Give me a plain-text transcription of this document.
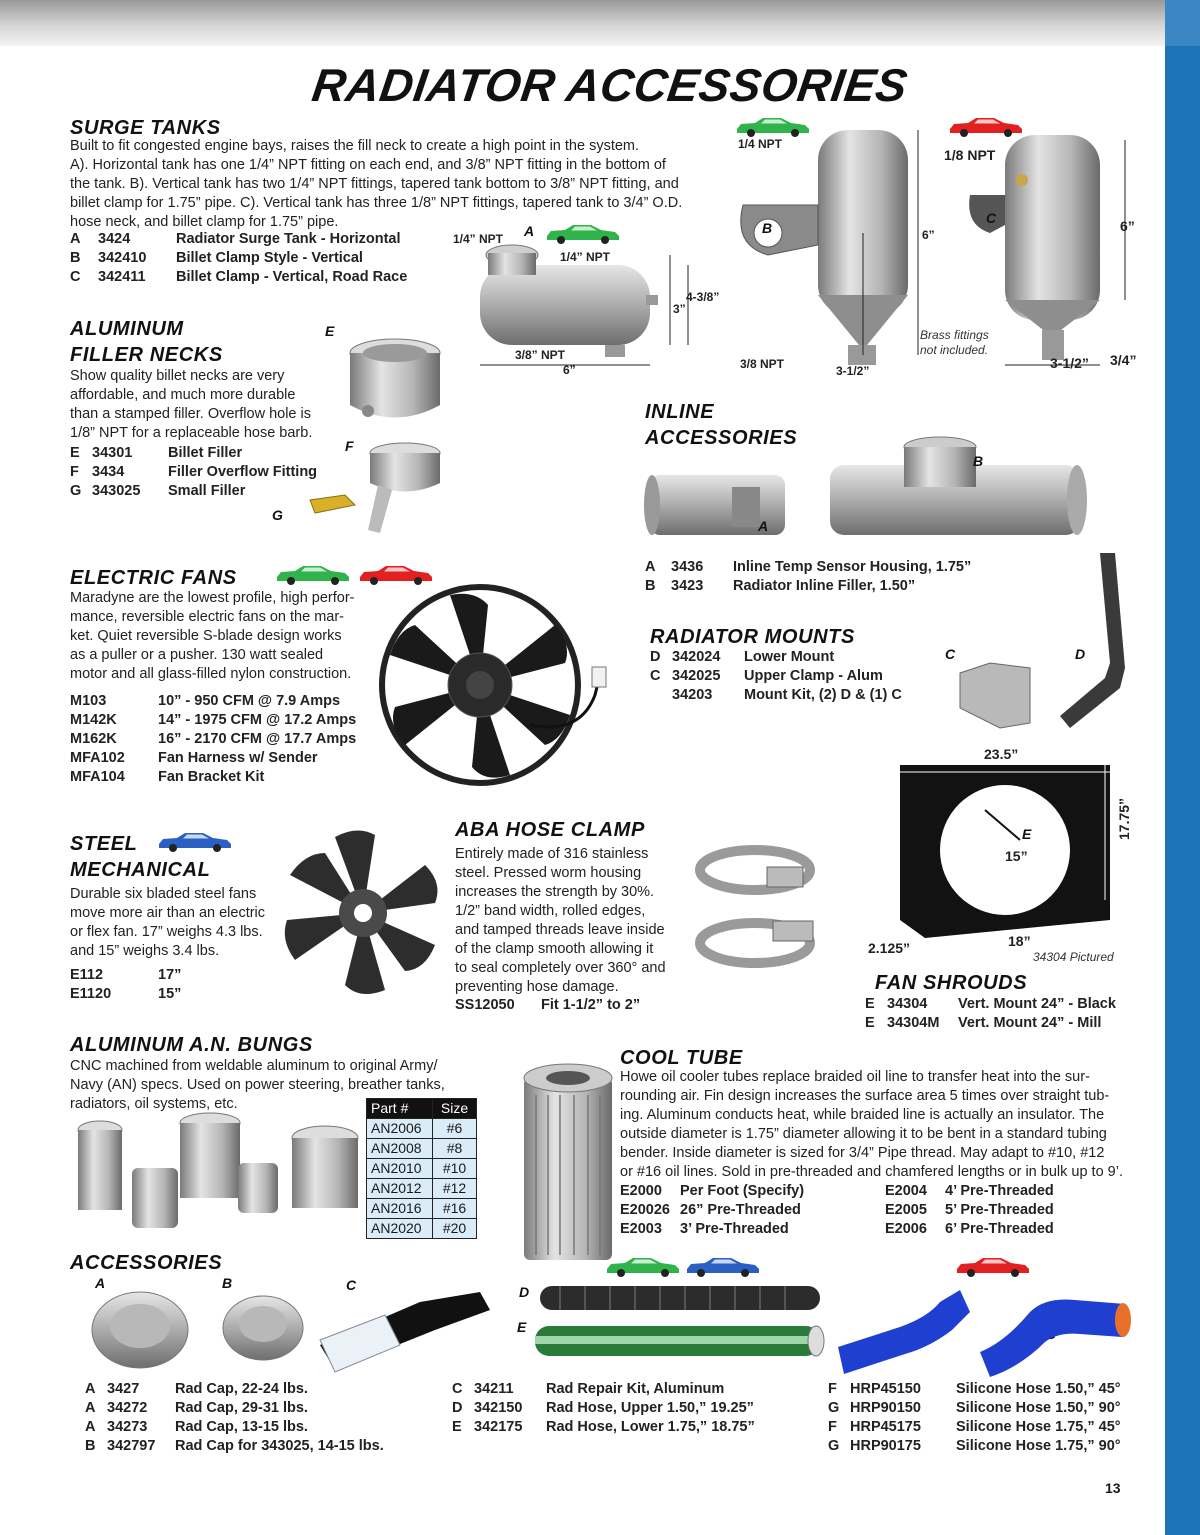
RADIATOR ACCESSORIES
SURGE TANKS
Built to fit congested engine bays, raises the fill neck to create a high point in the system.
A). Horizontal tank has one 1/4” NPT fitting on each end, and 3/8” NPT fitting in the bottom of
the tank. B). Vertical tank has two 1/4” NPT fittings, tapered tank bottom to 3/8” NPT fitting, and
billet clamp for 1.75” pipe. C). Vertical tank has three 1/8” NPT fittings, tapered tank to 3/4” O.D.
hose neck, and billet clamp for 1.75” pipe.
A 3424	Radiator Surge Tank - Horizontal
B 342410 Billet Clamp Style - Vertical
C 342411 Billet Clamp - Vertical, Road Race
1/4” NPT
1/4” NPT
3/8” NPT
6”
3”
4-3/8”
A
1/4 NPT
3/8 NPT
6”
3-1/2”
B
1/8 NPT
6”
3-1/2” 3/4”
C
Brass fittings
not included.
ALUMINUM
FILLER NECKS
Show quality billet necks are very
affordable, and much more durable
than a stamped filler. Overflow hole is
1/8” NPT for a replaceable hose barb.
E 34301 Billet Filler
F 3434	Filler Overflow Fitting
G 343025 Small Filler
E
F
G
INLINE
ACCESSORIES
A
B
A 3436 Inline Temp Sensor Housing, 1.75”
B 3423 Radiator Inline Filler, 1.50”
ELECTRIC FANS
Maradyne are the lowest profile, high perfor-
mance, reversible electric fans on the mar-
ket. Quiet reversible S-blade design works
as a puller or a pusher. 130 watt sealed
motor and all glass-filled nylon construction.
M103	10” - 950 CFM @ 7.9 Amps
M142K	14” - 1975 CFM @ 17.2 Amps
M162K	16” - 2170 CFM @ 17.7 Amps
MFA102 Fan Harness w/ Sender
MFA104 Fan Bracket Kit
RADIATOR MOUNTS
D 342024 Lower Mount
C 342025 Upper Clamp - Alum
34203 Mount Kit, (2) D & (1) C
C	D
23.5”
17.75”
18”
2.125”
15”
E
34304 Pictured
FAN SHROUDS
E 34304 Vert. Mount 24” - Black
E 34304M Vert. Mount 24” - Mill
STEEL
MECHANICAL
Durable six bladed steel fans
move more air than an electric
or flex fan. 17” weighs 4.3 lbs.
and 15” weighs 3.4 lbs.
E112	17”
E1120	15”
ABA HOSE CLAMP
Entirely made of 316 stainless
steel. Pressed worm housing
increases the strength by 30%.
1/2” band width, rolled edges,
and tamped threads leave inside
of the clamp smooth allowing it
to seal completely over 360° and
preventing hose damage.
SS12050 Fit 1-1/2” to 2”
ALUMINUM A.N. BUNGS
CNC machined from weldable aluminum to original Army/
Navy (AN) specs. Used on power steering, breather tanks,
radiators, oil systems, etc.	Part #	Size
AN2006	#6
AN2008	#8
AN2010	#10
AN2012	#12
AN2016	#16
AN2020	#20
COOL TUBE
Howe oil cooler tubes replace braided oil line to transfer heat into the sur-
rounding air. Fin design increases the surface area 5 times over straight tub-
ing. Aluminum conducts heat, while braided line is actually an insulator. The
outside diameter is 1.75” diameter allowing it to be bent in a standard tubing
bender. Inside diameter is sized for 3/4” Pipe thread. May adapt to #10, #12
or #16 oil lines. Sold in pre-threaded and chamfered lengths or in bulk up to 9’.
E2000 Per Foot (Specify)
E20026 26” Pre-Threaded
E2003 3’ Pre-Threaded
E2004 4’ Pre-Threaded
E2005 5’ Pre-Threaded
E2006 6’ Pre-Threaded
ACCESSORIES
A	B	C	D
E
A 3427 Rad Cap, 22-24 lbs.
A 34272 Rad Cap, 29-31 lbs.
A 34273 Rad Cap, 13-15 lbs.
B 342797 Rad Cap for 343025, 14-15 lbs.
C 34211 Rad Repair Kit, Aluminum
D 342150 Rad Hose, Upper 1.50,” 19.25”
E 342175 Rad Hose, Lower 1.75,” 18.75”
F HRP45150 Silicone Hose 1.50,” 45°
G HRP90150 Silicone Hose 1.50,” 90°
F HRP45175 Silicone Hose 1.75,” 45°
G HRP90175 Silicone Hose 1.75,” 90°
13
